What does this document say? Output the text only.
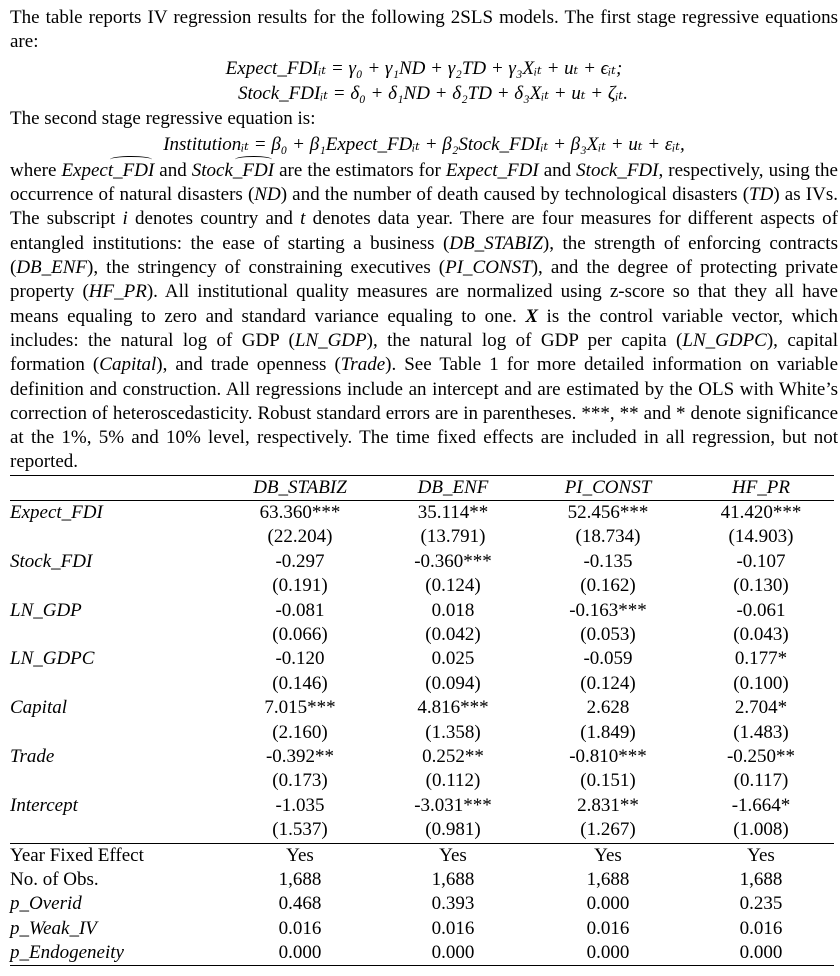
The table reports IV regression results for the following 2SLS models. The first stage regressive equations are:

Expect_FDIᵢₜ = γ₀ + γ₁ND + γ₂TD + γ₃Xᵢₜ + uₜ + ϵᵢₜ;
Stock_FDIᵢₜ = δ₀ + δ₁ND + δ₂TD + δ₃Xᵢₜ + uₜ + ζᵢₜ.

The second stage regressive equation is:

Institutionᵢₜ = β₀ + β₁Expect_FDᵢₜ + β₂Stock_FDIᵢₜ + β₃Xᵢₜ + uₜ + εᵢₜ,

where Expect_FDI and Stock_FDI are the estimators for Expect_FDI and Stock_FDI, respectively, using the occurrence of natural disasters (ND) and the number of death caused by technological disasters (TD) as IVs. The subscript i denotes country and t denotes data year. There are four measures for different aspects of entangled institutions: the ease of starting a business (DB_STABIZ), the strength of enforcing contracts (DB_ENF), the stringency of constraining executives (PI_CONST), and the degree of protecting private property (HF_PR). All institutional quality measures are normalized using z-score so that they all have means equaling to zero and standard variance equaling to one. X is the control variable vector, which includes: the natural log of GDP (LN_GDP), the natural log of GDP per capita (LN_GDPC), capital formation (Capital), and trade openness (Trade). See Table 1 for more detailed information on variable definition and construction. All regressions include an intercept and are estimated by the OLS with White’s correction of heteroscedasticity. Robust standard errors are in parentheses. ***, ** and * denote significance at the 1%, 5% and 10% level, respectively. The time fixed effects are included in all regression, but not reported.

	DB_STABIZ	DB_ENF	PI_CONST	HF_PR
Expect_FDI	63.360***	35.114**	52.456***	41.420***
	(22.204)	(13.791)	(18.734)	(14.903)
Stock_FDI	-0.297	-0.360***	-0.135	-0.107
	(0.191)	(0.124)	(0.162)	(0.130)
LN_GDP	-0.081	0.018	-0.163***	-0.061
	(0.066)	(0.042)	(0.053)	(0.043)
LN_GDPC	-0.120	0.025	-0.059	0.177*
	(0.146)	(0.094)	(0.124)	(0.100)
Capital	7.015***	4.816***	2.628	2.704*
	(2.160)	(1.358)	(1.849)	(1.483)
Trade	-0.392**	0.252**	-0.810***	-0.250**
	(0.173)	(0.112)	(0.151)	(0.117)
Intercept	-1.035	-3.031***	2.831**	-1.664*
	(1.537)	(0.981)	(1.267)	(1.008)
Year Fixed Effect	Yes	Yes	Yes	Yes
No. of Obs.	1,688	1,688	1,688	1,688
p_Overid	0.468	0.393	0.000	0.235
p_Weak_IV	0.016	0.016	0.016	0.016
p_Endogeneity	0.000	0.000	0.000	0.000
